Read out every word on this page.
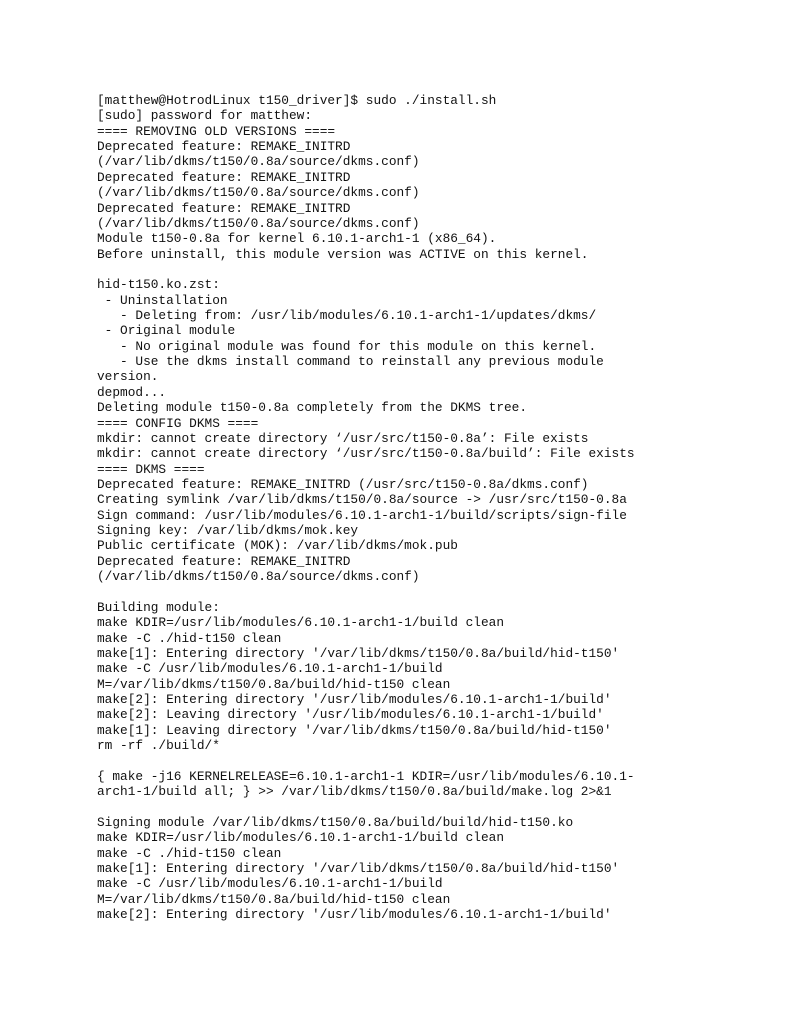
[matthew@HotrodLinux t150_driver]$ sudo ./install.sh
[sudo] password for matthew:
==== REMOVING OLD VERSIONS ====
Deprecated feature: REMAKE_INITRD
(/var/lib/dkms/t150/0.8a/source/dkms.conf)
Deprecated feature: REMAKE_INITRD
(/var/lib/dkms/t150/0.8a/source/dkms.conf)
Deprecated feature: REMAKE_INITRD
(/var/lib/dkms/t150/0.8a/source/dkms.conf)
Module t150-0.8a for kernel 6.10.1-arch1-1 (x86_64).
Before uninstall, this module version was ACTIVE on this kernel.
hid-t150.ko.zst:
- Uninstallation
- Deleting from: /usr/lib/modules/6.10.1-arch1-1/updates/dkms/
- Original module
- No original module was found for this module on this kernel.
- Use the dkms install command to reinstall any previous module
version.
depmod...
Deleting module t150-0.8a completely from the DKMS tree.
==== CONFIG DKMS ====
mkdir: cannot create directory ‘/usr/src/t150-0.8a’: File exists
mkdir: cannot create directory ‘/usr/src/t150-0.8a/build’: File exists
==== DKMS ====
Deprecated feature: REMAKE_INITRD (/usr/src/t150-0.8a/dkms.conf)
Creating symlink /var/lib/dkms/t150/0.8a/source -> /usr/src/t150-0.8a
Sign command: /usr/lib/modules/6.10.1-arch1-1/build/scripts/sign-file
Signing key: /var/lib/dkms/mok.key
Public certificate (MOK): /var/lib/dkms/mok.pub
Deprecated feature: REMAKE_INITRD
(/var/lib/dkms/t150/0.8a/source/dkms.conf)
Building module:
make KDIR=/usr/lib/modules/6.10.1-arch1-1/build clean
make -C ./hid-t150 clean
make[1]: Entering directory '/var/lib/dkms/t150/0.8a/build/hid-t150'
make -C /usr/lib/modules/6.10.1-arch1-1/build
M=/var/lib/dkms/t150/0.8a/build/hid-t150 clean
make[2]: Entering directory '/usr/lib/modules/6.10.1-arch1-1/build'
make[2]: Leaving directory '/usr/lib/modules/6.10.1-arch1-1/build'
make[1]: Leaving directory '/var/lib/dkms/t150/0.8a/build/hid-t150'
rm -rf ./build/*
{ make -j16 KERNELRELEASE=6.10.1-arch1-1 KDIR=/usr/lib/modules/6.10.1-
arch1-1/build all; } >> /var/lib/dkms/t150/0.8a/build/make.log 2>&1
Signing module /var/lib/dkms/t150/0.8a/build/build/hid-t150.ko
make KDIR=/usr/lib/modules/6.10.1-arch1-1/build clean
make -C ./hid-t150 clean
make[1]: Entering directory '/var/lib/dkms/t150/0.8a/build/hid-t150'
make -C /usr/lib/modules/6.10.1-arch1-1/build
M=/var/lib/dkms/t150/0.8a/build/hid-t150 clean
make[2]: Entering directory '/usr/lib/modules/6.10.1-arch1-1/build'
